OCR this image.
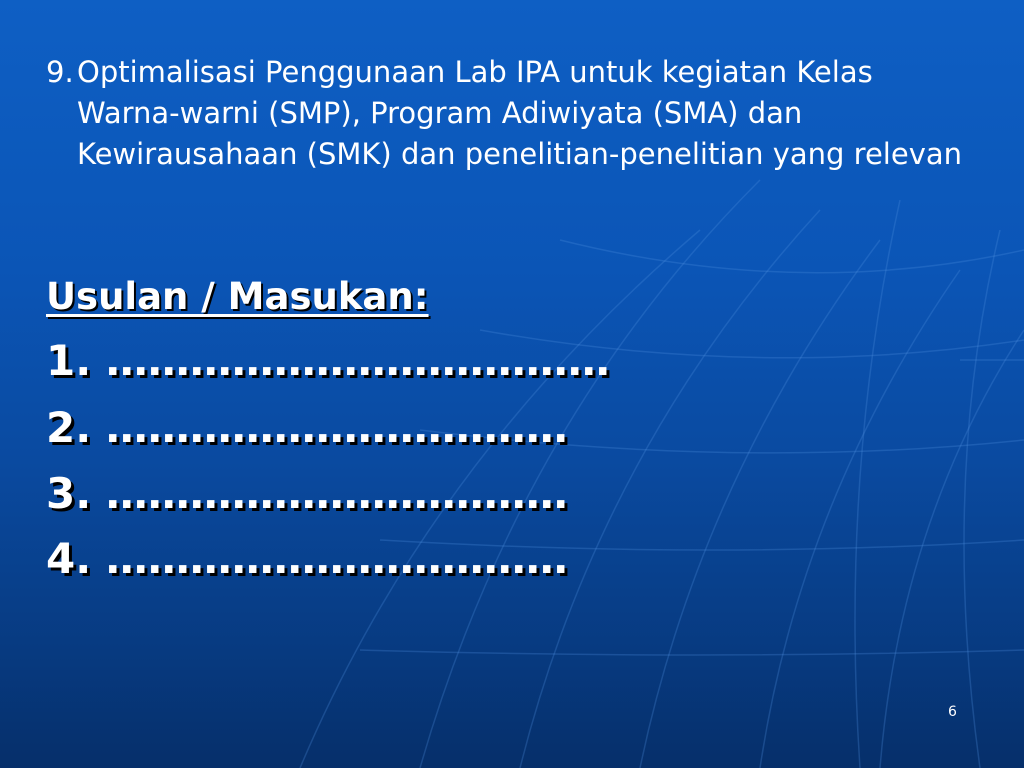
9. Optimalisasi Penggunaan Lab IPA untuk kegiatan Kelas Warna-warni (SMP), Program Adiwiyata (SMA) dan Kewirausahaan (SMK) dan penelitian-penelitian yang relevan
Usulan / Masukan:
1. ………………………………
2. ……………………………
3. ……………………………
4. ……………………………
6
